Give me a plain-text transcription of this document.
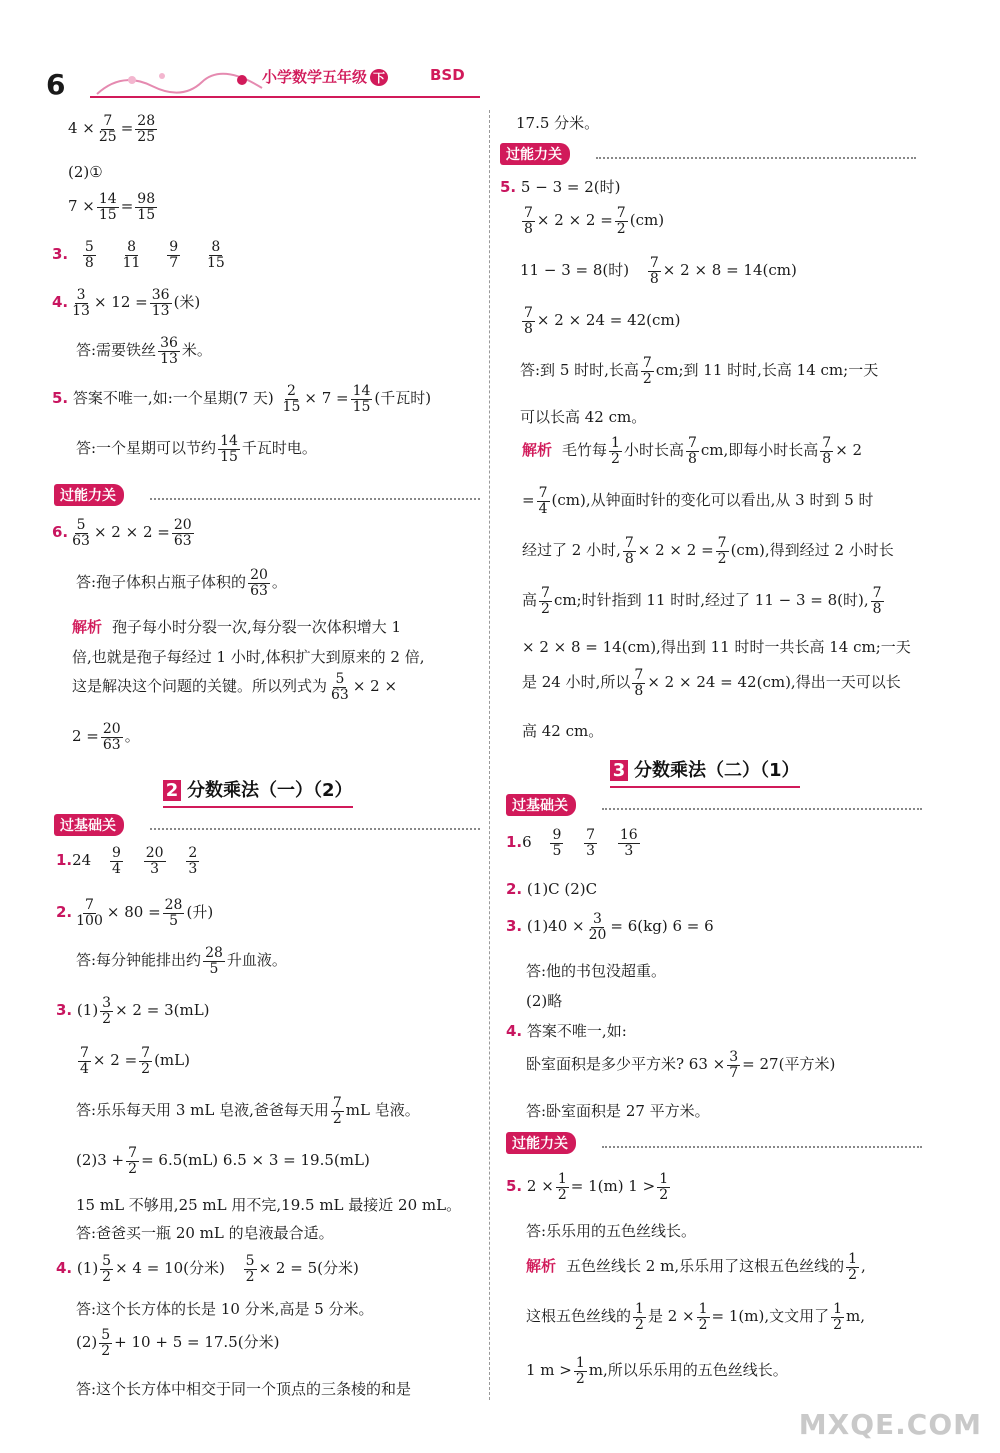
6	小学数学五年级 下	BSD
$4 \times \frac{7}{25} = \frac{28}{25}$
(2)①
$7 \times \frac{14}{15} = \frac{98}{15}$
3. $\frac{5}{8}$
$\frac{8}{11}$
$\frac{9}{7}$
$\frac{8}{15}$
4. $\frac{3}{13} \times 12 = \frac{36}{13}$ (米)
答:需要铁丝 $\frac{36}{13}$ 米。
5. 答案不唯一,如:一个星期(7 天) $\frac{2}{15} \times 7 = \frac{14}{15}$ (千瓦时)
答:一个星期可以节约 $\frac{14}{15}$ 千瓦时电。
过能力关
6. $\frac{5}{63} \times 2 \times 2 = \frac{20}{63}$
答:孢子体积占瓶子体积的 $\frac{20}{63}$ 。
解析 孢子每小时分裂一次,每分裂一次体积增大 1
倍,也就是孢子每经过 1 小时,体积扩大到原来的 2 倍,
这是解决这个问题的关键。所以列式为 $\frac{5}{63} \times 2$ ×
$2 = \frac{20}{63}$ 。
2 分数乘法（一）（2）
过基础关
$1.24 \frac{9}{4}$
$\frac{20}{3}$
$\frac{2}{3}$
2. $\frac{7}{100} \times 80 = \frac{28}{5}$ (升)
答:每分钟能排出约 $\frac{28}{5}$ 升血液。
3. $(1) \frac{3}{2} \times 2 = 3(mL)$
$\frac{7}{4} \times 2 = \frac{7}{2} (mL)$
答:乐乐每天用 3 mL 皂液,爸爸每天用 $\frac{7}{2}$ mL 皂液。
$(2)3 + \frac{7}{2} = 6.5(mL) 6.5 \times 3 = 19.5(mL)$
15 mL 不够用,25 mL 用不完,19.5 mL 最接近 20 mL。
答:爸爸买一瓶 20 mL 的皂液最合适。
4. $(1) \frac{5}{2} \times 4 = 10$(分米) $\frac{5}{2} \times 2 = 5$(分米)
答:这个长方体的长是 10 分米,高是 5 分米。
$(2) \frac{5}{2} + 10 + 5 = 17.5$(分米)
答:这个长方体中相交于同一个顶点的三条棱的和是
17.5 分米。
过能力关
5. 5 − 3 = 2(时)
$\frac{7}{8} \times 2 \times 2 = \frac{7}{2} (cm)$
11 − 3 = 8(时) $\frac{7}{8} \times 2 \times 8 = 14(cm)$
$\frac{7}{8} \times 2 \times 24 = 42(cm)$
答:到 5 时时,长高 $\frac{7}{2}$ cm;到 11 时时,长高 14 cm;一天
可以长高 42 cm。
解析 毛竹每 $\frac{1}{2}$ 小时长高 $\frac{7}{8}$ cm,即每小时长高 $\frac{7}{8} \times 2$
= $\frac{7}{4} (cm)$,从钟面时针的变化可以看出,从 3 时到 5 时
经过了 2 小时, $\frac{7}{8} \times 2 \times 2 = \frac{7}{2} (cm)$,得到经过 2 小时长
高 $\frac{7}{2}$ cm;时针指到 11 时时,经过了 11 − 3 = 8(时), $\frac{7}{8}$
× 2 × 8 = 14(cm),得出到 11 时时一共长高 14 cm;一天
是 24 小时,所以 $\frac{7}{8} \times 2 \times 24 = 42(cm)$,得出一天可以长
高 42 cm。
3 分数乘法（二）（1）
过基础关
$1.6 \frac{9}{5}$
$\frac{7}{3}$
$\frac{16}{3}$
2. (1)C (2)C
3. $(1)40 \times \frac{3}{20} = 6(kg) 6 = 6$
答:他的书包没超重。
(2)略
4. 答案不唯一,如:
卧室面积是多少平方米? $63 \times \frac{3}{7} = 27$(平方米)
答:卧室面积是 27 平方米。
过能力关
5. $2 \times \frac{1}{2} = 1(m) 1 > \frac{1}{2}$
答:乐乐用的五色丝线长。
解析 五色丝线长 2 m,乐乐用了这根五色丝线的 $\frac{1}{2}$ ,
这根五色丝线的 $\frac{1}{2}$ 是 $2 \times \frac{1}{2} = 1(m)$,文文用了 $\frac{1}{2} m$,
1 $m > \frac{1}{2} m$,所以乐乐用的五色丝线长。
MXQE.COM
